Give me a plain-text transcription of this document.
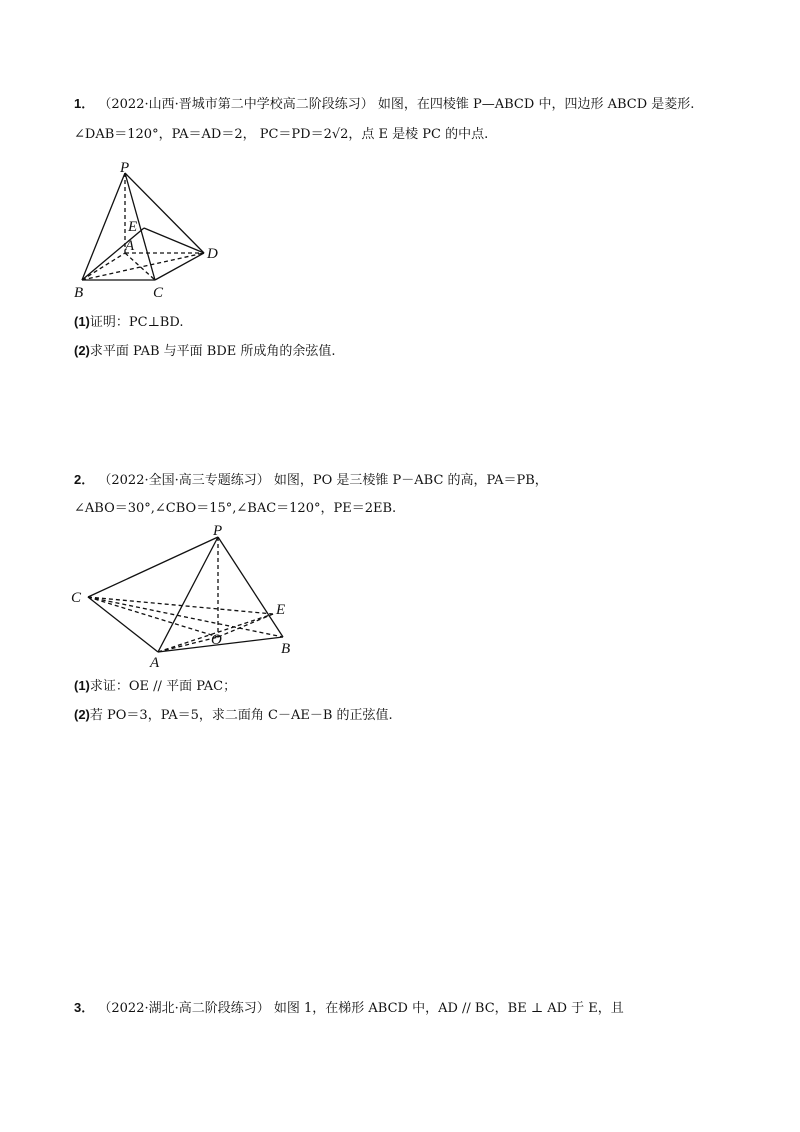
1． （2022·山西·晋城市第二中学校高二阶段练习） 如图，在四棱锥 P—ABCD 中，四边形 ABCD 是菱形.
∠DAB＝120°，PA＝AD＝2， PC＝PD＝2√2，点 E 是棱 PC 的中点.
P
E
A	D
B	C
(1)证明：PC⊥BD.
(2)求平面 PAB 与平面 BDE 所成角的余弦值.
2． （2022·全国·高三专题练习） 如图，PO 是三棱锥 P－ABC 的高，PA＝PB，
∠ABO＝30°,∠CBO＝15°,∠BAC＝120°，PE＝2EB.
P
C
E
O
A
B
(1)求证：OE // 平面 PAC；
(2)若 PO＝3，PA＝5，求二面角 C－AE－B 的正弦值.
3． （2022·湖北·高二阶段练习） 如图 1，在梯形 ABCD 中，AD // BC，BE ⊥ AD 于 E，且
